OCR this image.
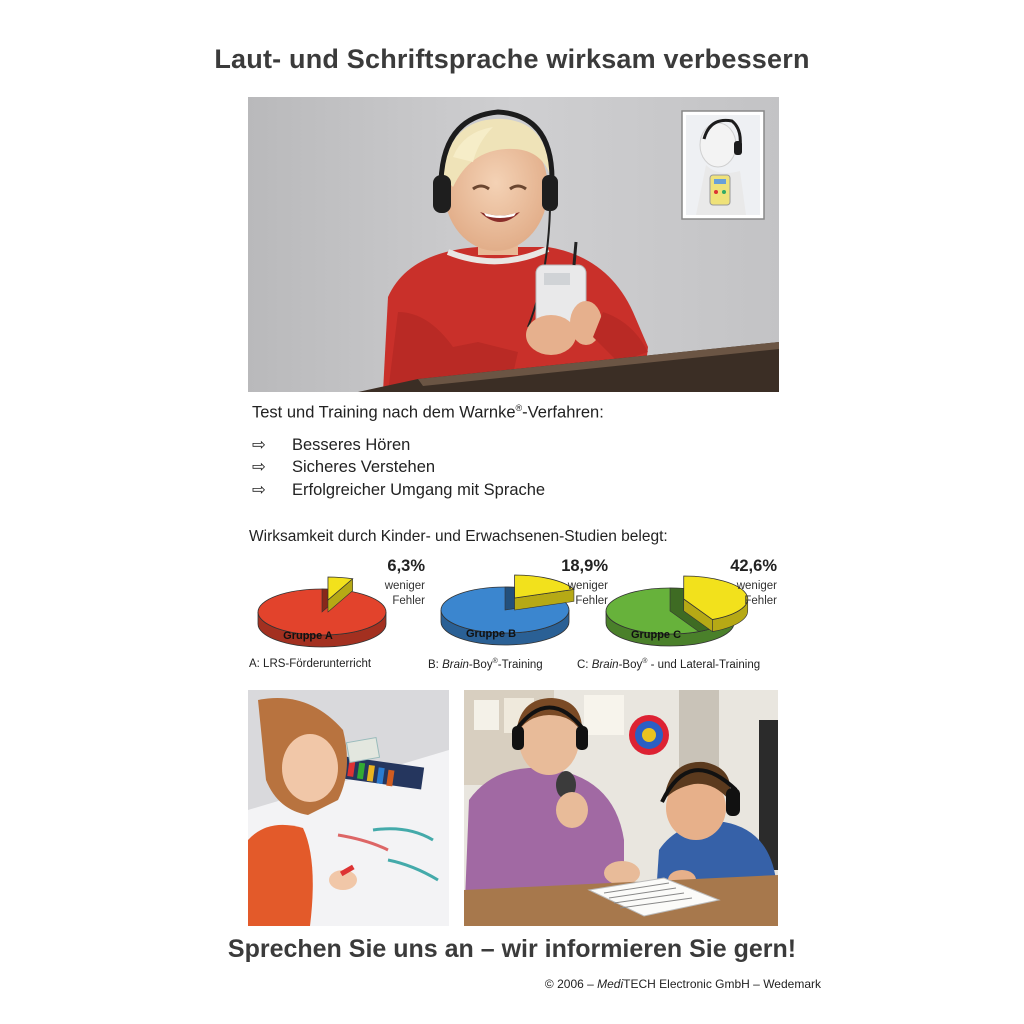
Laut- und Schriftsprache wirksam verbessern
Test und Training nach dem Warnke®-Verfahren:
⇨ Besseres Hören
⇨ Sicheres Verstehen
⇨ Erfolgreicher Umgang mit Sprache
Wirksamkeit durch Kinder- und Erwachsenen-Studien belegt:
Gruppe A	Gruppe B	Gruppe C
6,3%
weniger
Fehler
18,9%
weniger
Fehler
42,6%
weniger
Fehler
A: LRS-Förderunterricht	B: Brain-Boy®-Training	C: Brain-Boy® - und Lateral-Training
Sprechen Sie uns an – wir informieren Sie gern!
© 2006 – MediTECH Electronic GmbH – Wedemark
